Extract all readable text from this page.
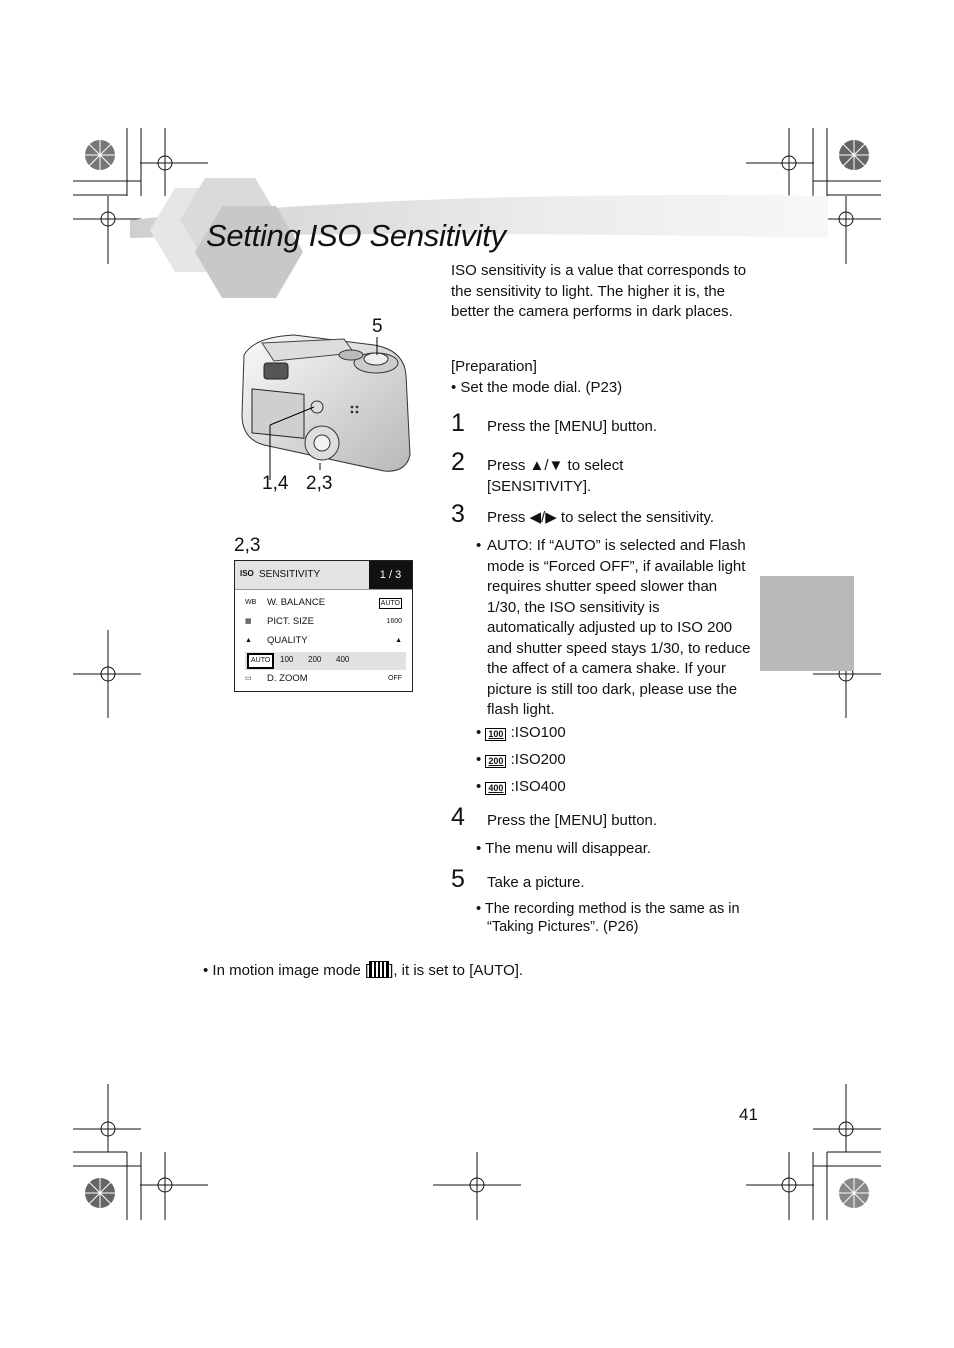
Setting ISO Sensitivity
ISO sensitivity is a value that corresponds to the sensitivity to light. The higher it is, the better the camera performs in dark places.
[Preparation]
• Set the mode dial. (P23)
1 Press the [MENU] button.
2 Press ▲/▼ to select [SENSITIVITY].
3 Press ◀/▶ to select the sensitivity.
• AUTO: If “AUTO” is selected and Flash mode is “Forced OFF”, if available light requires shutter speed slower than 1/30, the ISO sensitivity is automatically adjusted up to ISO 200 and shutter speed stays 1/30, to reduce the affect of a camera shake. If your picture is still too dark, please use the flash light.
• 100 :ISO100
• 200 :ISO200
• 400 :ISO400
4 Press the [MENU] button.
• The menu will disappear.
5 Take a picture.
• The recording method is the same as in “Taking Pictures”. (P26)
• In motion image mode [ ], it is set to [AUTO].
41
5
1,4 2,3
2,3
ISO SENSITIVITY	1 / 3
WB W. BALANCE	AUTO
▦	PICT. SIZE	1600
▲	QUALITY	▲
AUTO	100 200 400
▭	D. ZOOM	OFF
